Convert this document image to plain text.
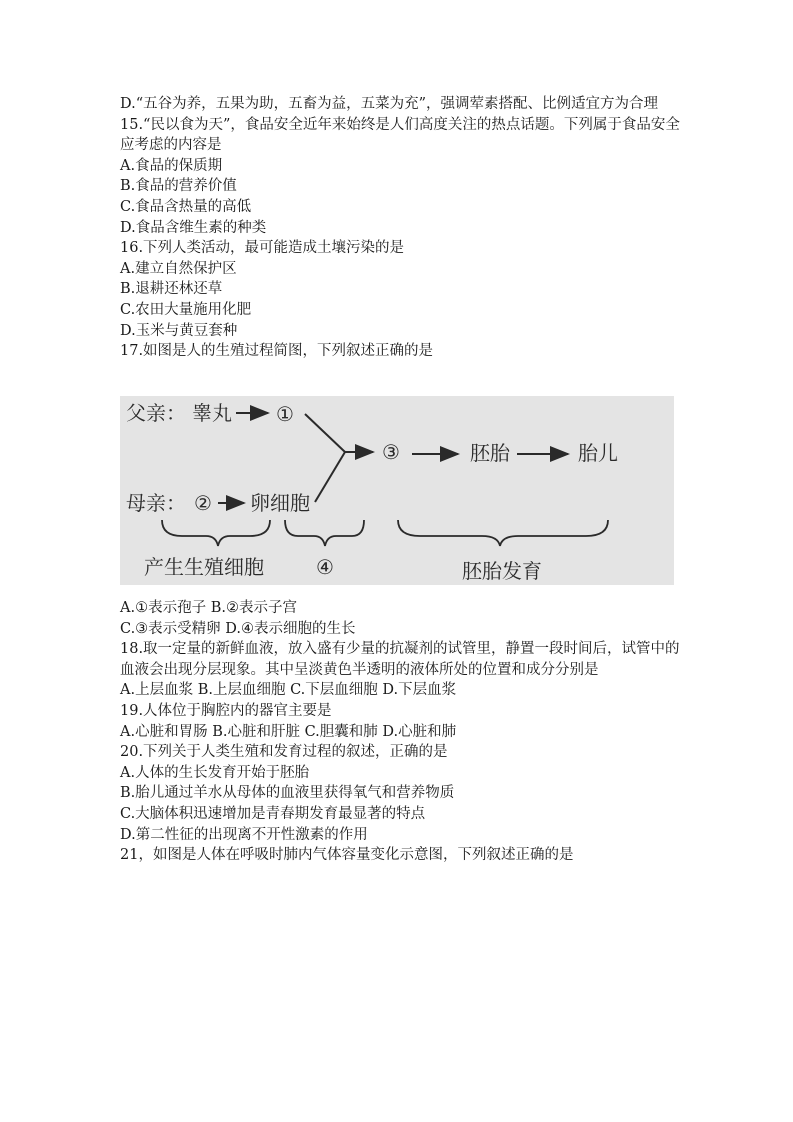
D.“五谷为养，五果为助，五畜为益，五菜为充”，强调荤素搭配、比例适宜方为合理
15.“民以食为天”，食品安全近年来始终是人们高度关注的热点话题。下列属于食品安全应考虑的内容是
A.食品的保质期
B.食品的营养价值
C.食品含热量的高低
D.食品含维生素的种类
16.下列人类活动，最可能造成土壤污染的是
A.建立自然保护区
B.退耕还林还草
C.农田大量施用化肥
D.玉米与黄豆套种
17.如图是人的生殖过程简图，下列叙述正确的是
父亲： 睾丸 ①
③	胚胎	胎儿
母亲： ② 卵细胞
产生生殖细胞	④	胚胎发育
A.①表示孢子 B.②表示子宫
C.③表示受精卵 D.④表示细胞的生长
18.取一定量的新鲜血液，放入盛有少量的抗凝剂的试管里，静置一段时间后，试管中的血液会出现分层现象。其中呈淡黄色半透明的液体所处的位置和成分分别是
A.上层血浆 B.上层血细胞 C.下层血细胞 D.下层血浆
19.人体位于胸腔内的器官主要是
A.心脏和胃肠 B.心脏和肝脏 C.胆囊和肺 D.心脏和肺
20.下列关于人类生殖和发育过程的叙述，正确的是
A.人体的生长发育开始于胚胎
B.胎儿通过羊水从母体的血液里获得氧气和营养物质
C.大脑体积迅速增加是青春期发育最显著的特点
D.第二性征的出现离不开性激素的作用
21，如图是人体在呼吸时肺内气体容量变化示意图，下列叙述正确的是
